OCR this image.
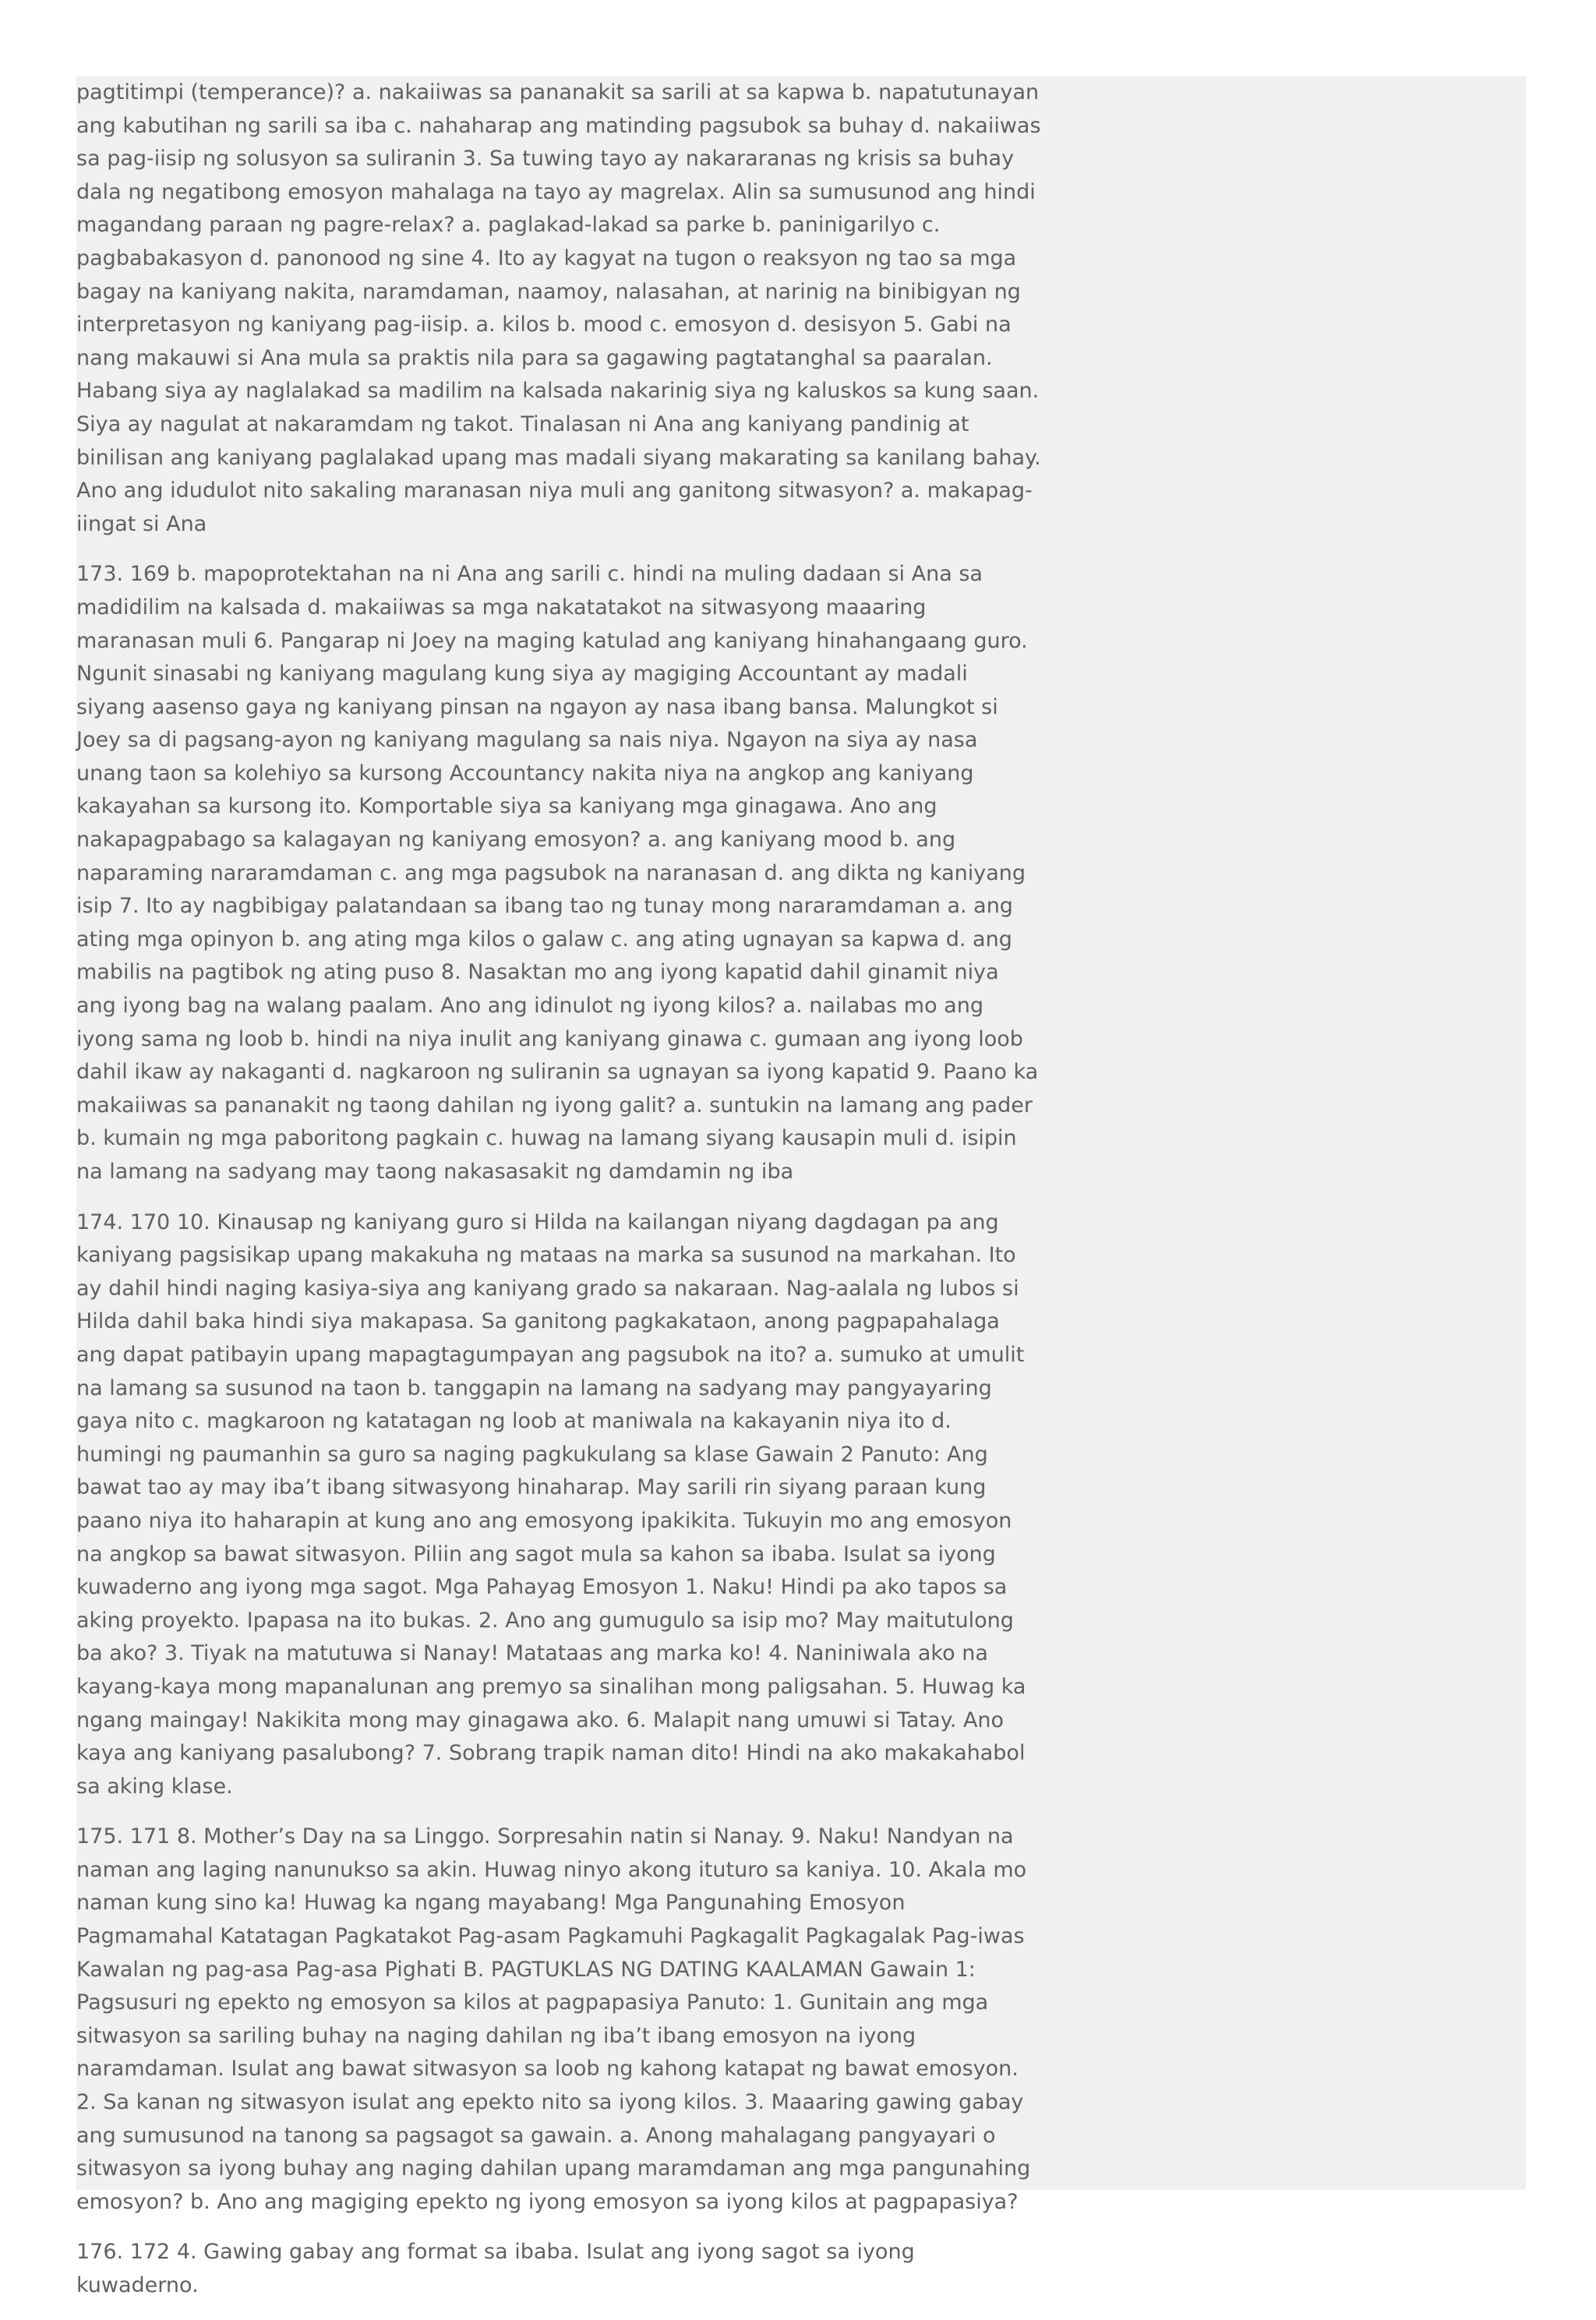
pagtitimpi (temperance)? a. nakaiiwas sa pananakit sa sarili at sa kapwa b. napatutunayan ang kabutihan ng sarili sa iba c. nahaharap ang matinding pagsubok sa buhay d. nakaiiwas sa pag-iisip ng solusyon sa suliranin 3. Sa tuwing tayo ay nakararanas ng krisis sa buhay dala ng negatibong emosyon mahalaga na tayo ay magrelax. Alin sa sumusunod ang hindi magandang paraan ng pagre-relax? a. paglakad-lakad sa parke b. paninigarilyo c. pagbabakasyon d. panonood ng sine 4. Ito ay kagyat na tugon o reaksyon ng tao sa mga bagay na kaniyang nakita, naramdaman, naamoy, nalasahan, at narinig na binibigyan ng interpretasyon ng kaniyang pag-iisip. a. kilos b. mood c. emosyon d. desisyon 5. Gabi na nang makauwi si Ana mula sa praktis nila para sa gagawing pagtatanghal sa paaralan. Habang siya ay naglalakad sa madilim na kalsada nakarinig siya ng kaluskos sa kung saan. Siya ay nagulat at nakaramdam ng takot. Tinalasan ni Ana ang kaniyang pandinig at binilisan ang kaniyang paglalakad upang mas madali siyang makarating sa kanilang bahay. Ano ang idudulot nito sakaling maranasan niya muli ang ganitong sitwasyon? a. makapag-iingat si Ana

173. 169 b. mapoprotektahan na ni Ana ang sarili c. hindi na muling dadaan si Ana sa madidilim na kalsada d. makaiiwas sa mga nakatatakot na sitwasyong maaaring maranasan muli 6. Pangarap ni Joey na maging katulad ang kaniyang hinahangaang guro. Ngunit sinasabi ng kaniyang magulang kung siya ay magiging Accountant ay madali siyang aasenso gaya ng kaniyang pinsan na ngayon ay nasa ibang bansa. Malungkot si Joey sa di pagsang-ayon ng kaniyang magulang sa nais niya. Ngayon na siya ay nasa unang taon sa kolehiyo sa kursong Accountancy nakita niya na angkop ang kaniyang kakayahan sa kursong ito. Komportable siya sa kaniyang mga ginagawa. Ano ang nakapagpabago sa kalagayan ng kaniyang emosyon? a. ang kaniyang mood b. ang naparaming nararamdaman c. ang mga pagsubok na naranasan d. ang dikta ng kaniyang isip 7. Ito ay nagbibigay palatandaan sa ibang tao ng tunay mong nararamdaman a. ang ating mga opinyon b. ang ating mga kilos o galaw c. ang ating ugnayan sa kapwa d. ang mabilis na pagtibok ng ating puso 8. Nasaktan mo ang iyong kapatid dahil ginamit niya ang iyong bag na walang paalam. Ano ang idinulot ng iyong kilos? a. nailabas mo ang iyong sama ng loob b. hindi na niya inulit ang kaniyang ginawa c. gumaan ang iyong loob dahil ikaw ay nakaganti d. nagkaroon ng suliranin sa ugnayan sa iyong kapatid 9. Paano ka makaiiwas sa pananakit ng taong dahilan ng iyong galit? a. suntukin na lamang ang pader b. kumain ng mga paboritong pagkain c. huwag na lamang siyang kausapin muli d. isipin na lamang na sadyang may taong nakasasakit ng damdamin ng iba

174. 170 10. Kinausap ng kaniyang guro si Hilda na kailangan niyang dagdagan pa ang kaniyang pagsisikap upang makakuha ng mataas na marka sa susunod na markahan. Ito ay dahil hindi naging kasiya-siya ang kaniyang grado sa nakaraan. Nag-aalala ng lubos si Hilda dahil baka hindi siya makapasa. Sa ganitong pagkakataon, anong pagpapahalaga ang dapat patibayin upang mapagtagumpayan ang pagsubok na ito? a. sumuko at umulit na lamang sa susunod na taon b. tanggapin na lamang na sadyang may pangyayaring gaya nito c. magkaroon ng katatagan ng loob at maniwala na kakayanin niya ito d. humingi ng paumanhin sa guro sa naging pagkukulang sa klase Gawain 2 Panuto: Ang bawat tao ay may iba’t ibang sitwasyong hinaharap. May sarili rin siyang paraan kung paano niya ito haharapin at kung ano ang emosyong ipakikita. Tukuyin mo ang emosyon na angkop sa bawat sitwasyon. Piliin ang sagot mula sa kahon sa ibaba. Isulat sa iyong kuwaderno ang iyong mga sagot. Mga Pahayag Emosyon 1. Naku! Hindi pa ako tapos sa aking proyekto. Ipapasa na ito bukas. 2. Ano ang gumugulo sa isip mo? May maitutulong ba ako? 3. Tiyak na matutuwa si Nanay! Matataas ang marka ko! 4. Naniniwala ako na kayang-kaya mong mapanalunan ang premyo sa sinalihan mong paligsahan. 5. Huwag ka ngang maingay! Nakikita mong may ginagawa ako. 6. Malapit nang umuwi si Tatay. Ano kaya ang kaniyang pasalubong? 7. Sobrang trapik naman dito! Hindi na ako makakahabol sa aking klase.

175. 171 8. Mother’s Day na sa Linggo. Sorpresahin natin si Nanay. 9. Naku! Nandyan na naman ang laging nanunukso sa akin. Huwag ninyo akong ituturo sa kaniya. 10. Akala mo naman kung sino ka! Huwag ka ngang mayabang! Mga Pangunahing Emosyon Pagmamahal Katatagan Pagkatakot Pag-asam Pagkamuhi Pagkagalit Pagkagalak Pag-iwas Kawalan ng pag-asa Pag-asa Pighati B. PAGTUKLAS NG DATING KAALAMAN Gawain 1: Pagsusuri ng epekto ng emosyon sa kilos at pagpapasiya Panuto: 1. Gunitain ang mga sitwasyon sa sariling buhay na naging dahilan ng iba’t ibang emosyon na iyong naramdaman. Isulat ang bawat sitwasyon sa loob ng kahong katapat ng bawat emosyon. 2. Sa kanan ng sitwasyon isulat ang epekto nito sa iyong kilos. 3. Maaaring gawing gabay ang sumusunod na tanong sa pagsagot sa gawain. a. Anong mahalagang pangyayari o sitwasyon sa iyong buhay ang naging dahilan upang maramdaman ang mga pangunahing emosyon? b. Ano ang magiging epekto ng iyong emosyon sa iyong kilos at pagpapasiya?

176. 172 4. Gawing gabay ang format sa ibaba. Isulat ang iyong sagot sa iyong kuwaderno.
